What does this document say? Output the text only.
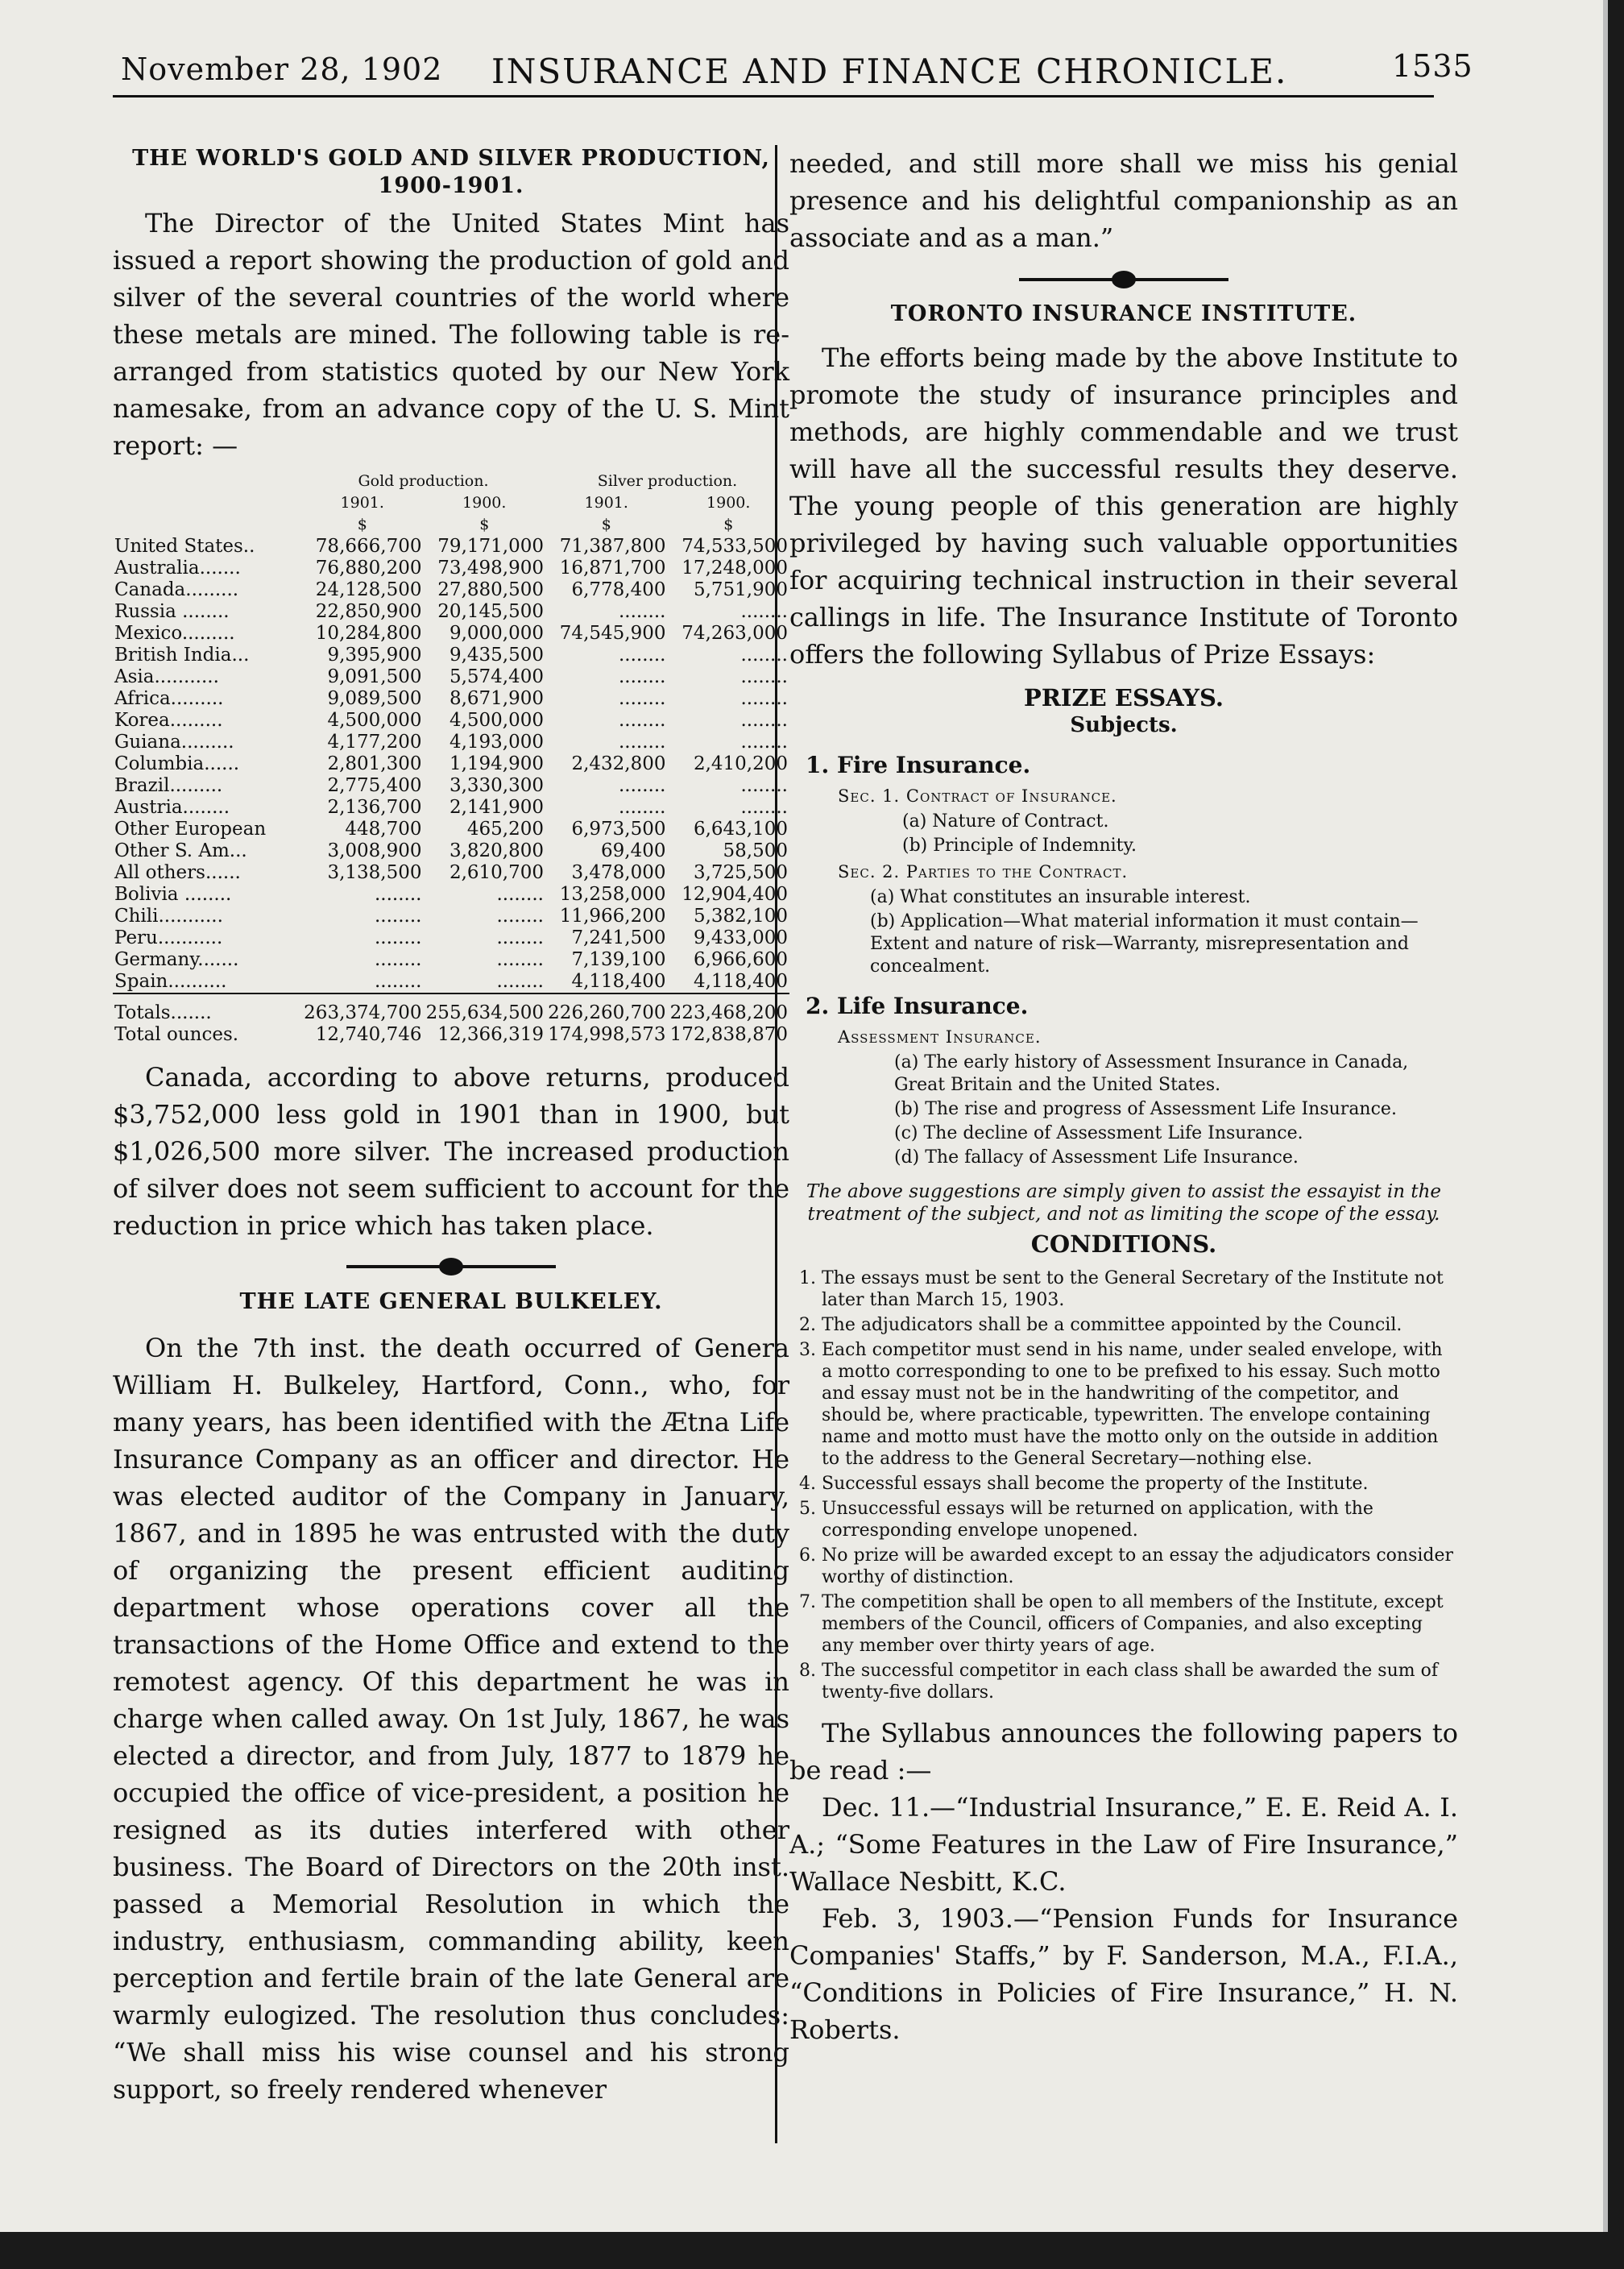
November 28, 1902 INSURANCE AND FINANCE CHRONICLE.	1535
THE WORLD'S GOLD AND SILVER PRODUCTION,
1900-1901.

The Director of the United States Mint has issued a report showing the production of gold and silver of the several countries of the world where these metals are mined. The following table is re-arranged from statistics quoted by our New York namesake, from an advance copy of the U. S. Mint report: —

	Gold production.		Silver production.	
	1901.	1900.	1901.	1900.
	$	$	$	$
United States..	78,666,700	79,171,000	71,387,800	74,533,500
Australia.......	76,880,200	73,498,900	16,871,700	17,248,000
Canada.........	24,128,500	27,880,500	6,778,400	5,751,900
Russia ........	22,850,900	20,145,500	........	........
Mexico.........	10,284,800	9,000,000	74,545,900	74,263,000
British India...	9,395,900	9,435,500	........	........
Asia...........	9,091,500	5,574,400	........	........
Africa.........	9,089,500	8,671,900	........	........
Korea.........	4,500,000	4,500,000	........	........
Guiana.........	4,177,200	4,193,000	........	........
Columbia......	2,801,300	1,194,900	2,432,800	2,410,200
Brazil.........	2,775,400	3,330,300	........	........
Austria........	2,136,700	2,141,900	........	........
Other European	448,700	465,200	6,973,500	6,643,100
Other S. Am...	3,008,900	3,820,800	69,400	58,500
All others......	3,138,500	2,610,700	3,478,000	3,725,500
Bolivia ........	........	........	13,258,000	12,904,400
Chili...........	........	........	11,966,200	5,382,100
Peru...........	........	........	7,241,500	9,433,000
Germany.......	........	........	7,139,100	6,966,600
Spain..........	........	........	4,118,400	4,118,400
Totals.......	263,374,700	255,634,500	226,260,700	223,468,200
Total ounces.	12,740,746	12,366,319	174,998,573	172,838,870

Canada, according to above returns, produced $3,752,000 less gold in 1901 than in 1900, but $1,026,500 more silver. The increased production of silver does not seem sufficient to account for the reduction in price which has taken place.

THE LATE GENERAL BULKELEY.

On the 7th inst. the death occurred of Genera William H. Bulkeley, Hartford, Conn., who, for many years, has been identified with the Ætna Life Insurance Company as an officer and director. He was elected auditor of the Company in January, 1867, and in 1895 he was entrusted with the duty of organizing the present efficient auditing department whose operations cover all the transactions of the Home Office and extend to the remotest agency. Of this department he was in charge when called away. On 1st July, 1867, he was elected a director, and from July, 1877 to 1879 he occupied the office of vice-president, a position he resigned as its duties interfered with other business. The Board of Directors on the 20th inst. passed a Memorial Resolution in which the industry, enthusiasm, commanding ability, keen perception and fertile brain of the late General are warmly eulogized. The resolution thus concludes: “We shall miss his wise counsel and his strong support, so freely rendered whenever

needed, and still more shall we miss his genial presence and his delightful companionship as an associate and as a man.”

TORONTO INSURANCE INSTITUTE.

The efforts being made by the above Institute to promote the study of insurance principles and methods, are highly commendable and we trust will have all the successful results they deserve. The young people of this generation are highly privileged by having such valuable opportunities for acquiring technical instruction in their several callings in life. The Insurance Institute of Toronto offers the following Syllabus of Prize Essays:

PRIZE ESSAYS.
Subjects.
1. Fire Insurance.
Sec. 1. Contract of Insurance.
(a) Nature of Contract.
(b) Principle of Indemnity.
Sec. 2. Parties to the Contract.
(a) What constitutes an insurable interest.
(b) Application—What material information it must contain—Extent and nature of risk—Warranty, misrepresentation and concealment.
2. Life Insurance.
Assessment Insurance.
(a) The early history of Assessment Insurance in Canada, Great Britain and the United States.
(b) The rise and progress of Assessment Life Insurance.
(c) The decline of Assessment Life Insurance.
(d) The fallacy of Assessment Life Insurance.
The above suggestions are simply given to assist the essayist in the treatment of the subject, and not as limiting the scope of the essay.
CONDITIONS.
1. The essays must be sent to the General Secretary of the Institute not later than March 15, 1903.
2. The adjudicators shall be a committee appointed by the Council.
3. Each competitor must send in his name, under sealed envelope, with a motto corresponding to one to be prefixed to his essay. Such motto and essay must not be in the handwriting of the competitor, and should be, where practicable, typewritten. The envelope containing name and motto must have the motto only on the outside in addition to the address to the General Secretary—nothing else.
4. Successful essays shall become the property of the Institute.
5. Unsuccessful essays will be returned on application, with the corresponding envelope unopened.
6. No prize will be awarded except to an essay the adjudicators consider worthy of distinction.
7. The competition shall be open to all members of the Institute, except members of the Council, officers of Companies, and also excepting any member over thirty years of age.
8. The successful competitor in each class shall be awarded the sum of twenty-five dollars.

The Syllabus announces the following papers to be read :—

Dec. 11.—“Industrial Insurance,” E. E. Reid A. I. A.; “Some Features in the Law of Fire Insurance,” Wallace Nesbitt, K.C.

Feb. 3, 1903.—“Pension Funds for Insurance Companies' Staffs,” by F. Sanderson, M.A., F.I.A., “Conditions in Policies of Fire Insurance,” H. N. Roberts.
